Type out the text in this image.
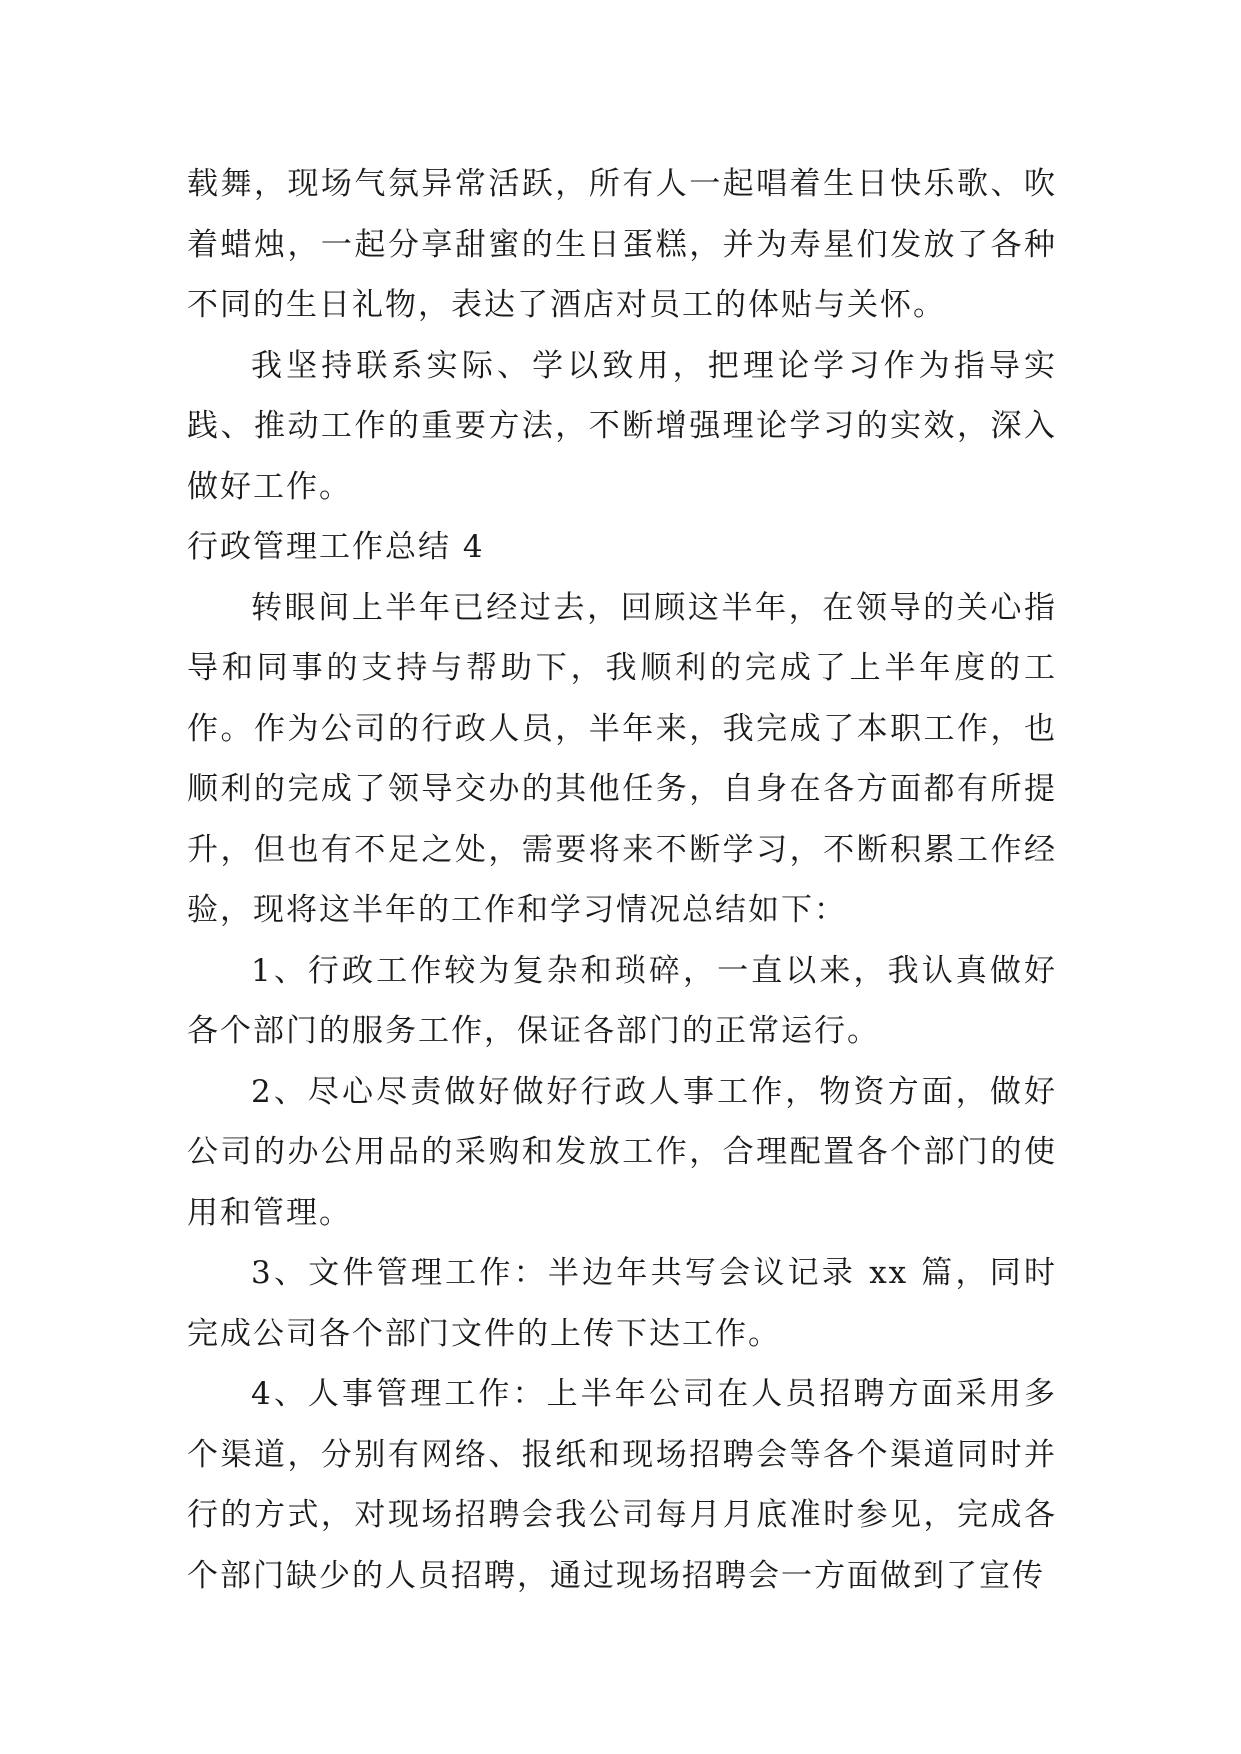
载舞，现场气氛异常活跃，所有人一起唱着生日快乐歌、吹着蜡烛，一起分享甜蜜的生日蛋糕，并为寿星们发放了各种不同的生日礼物，表达了酒店对员工的体贴与关怀。

我坚持联系实际、学以致用，把理论学习作为指导实践、推动工作的重要方法，不断增强理论学习的实效，深入做好工作。

行政管理工作总结 4

转眼间上半年已经过去，回顾这半年，在领导的关心指导和同事的支持与帮助下，我顺利的完成了上半年度的工作。作为公司的行政人员，半年来，我完成了本职工作，也顺利的完成了领导交办的其他任务，自身在各方面都有所提升，但也有不足之处，需要将来不断学习，不断积累工作经验，现将这半年的工作和学习情况总结如下：

1、行政工作较为复杂和琐碎，一直以来，我认真做好各个部门的服务工作，保证各部门的正常运行。

2、尽心尽责做好做好行政人事工作，物资方面，做好公司的办公用品的采购和发放工作，合理配置各个部门的使用和管理。

3、文件管理工作：半边年共写会议记录 xx 篇，同时完成公司各个部门文件的上传下达工作。

4、人事管理工作：上半年公司在人员招聘方面采用多个渠道，分别有网络、报纸和现场招聘会等各个渠道同时并行的方式，对现场招聘会我公司每月月底准时参见，完成各个部门缺少的人员招聘，通过现场招聘会一方面做到了宣传
